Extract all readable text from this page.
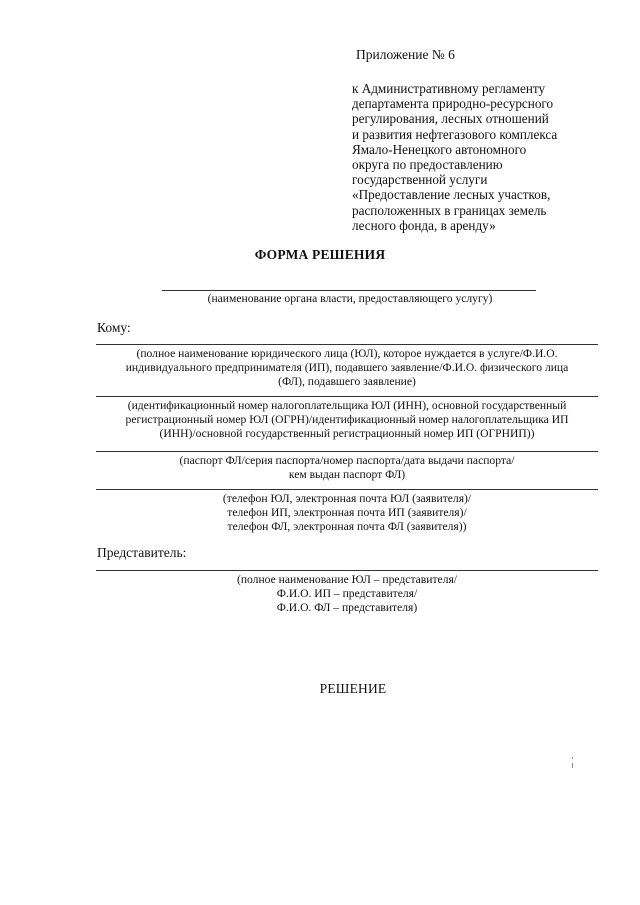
Приложение № 6
к Административному регламенту
департамента природно-ресурсного
регулирования, лесных отношений
и развития нефтегазового комплекса
Ямало-Ненецкого автономного
округа по предоставлению
государственной услуги
«Предоставление лесных участков,
расположенных в границах земель
лесного фонда, в аренду»
ФОРМА РЕШЕНИЯ
(наименование органа власти, предоставляющего услугу)
Кому:
(полное наименование юридического лица (ЮЛ), которое нуждается в услуге/Ф.И.О.
индивидуального предпринимателя (ИП), подавшего заявление/Ф.И.О. физического лица
(ФЛ), подавшего заявление)
(идентификационный номер налогоплательщика ЮЛ (ИНН), основной государственный
регистрационный номер ЮЛ (ОГРН)/идентификационный номер налогоплательщика ИП
(ИНН)/основной государственный регистрационный номер ИП (ОГРНИП))
(паспорт ФЛ/серия паспорта/номер паспорта/дата выдачи паспорта/
кем выдан паспорт ФЛ)
(телефон ЮЛ, электронная почта ЮЛ (заявителя)/
телефон ИП, электронная почта ИП (заявителя)/
телефон ФЛ, электронная почта ФЛ (заявителя))
Представитель:
(полное наименование ЮЛ – представителя/
Ф.И.О. ИП – представителя/
Ф.И.О. ФЛ – представителя)
РЕШЕНИЕ
